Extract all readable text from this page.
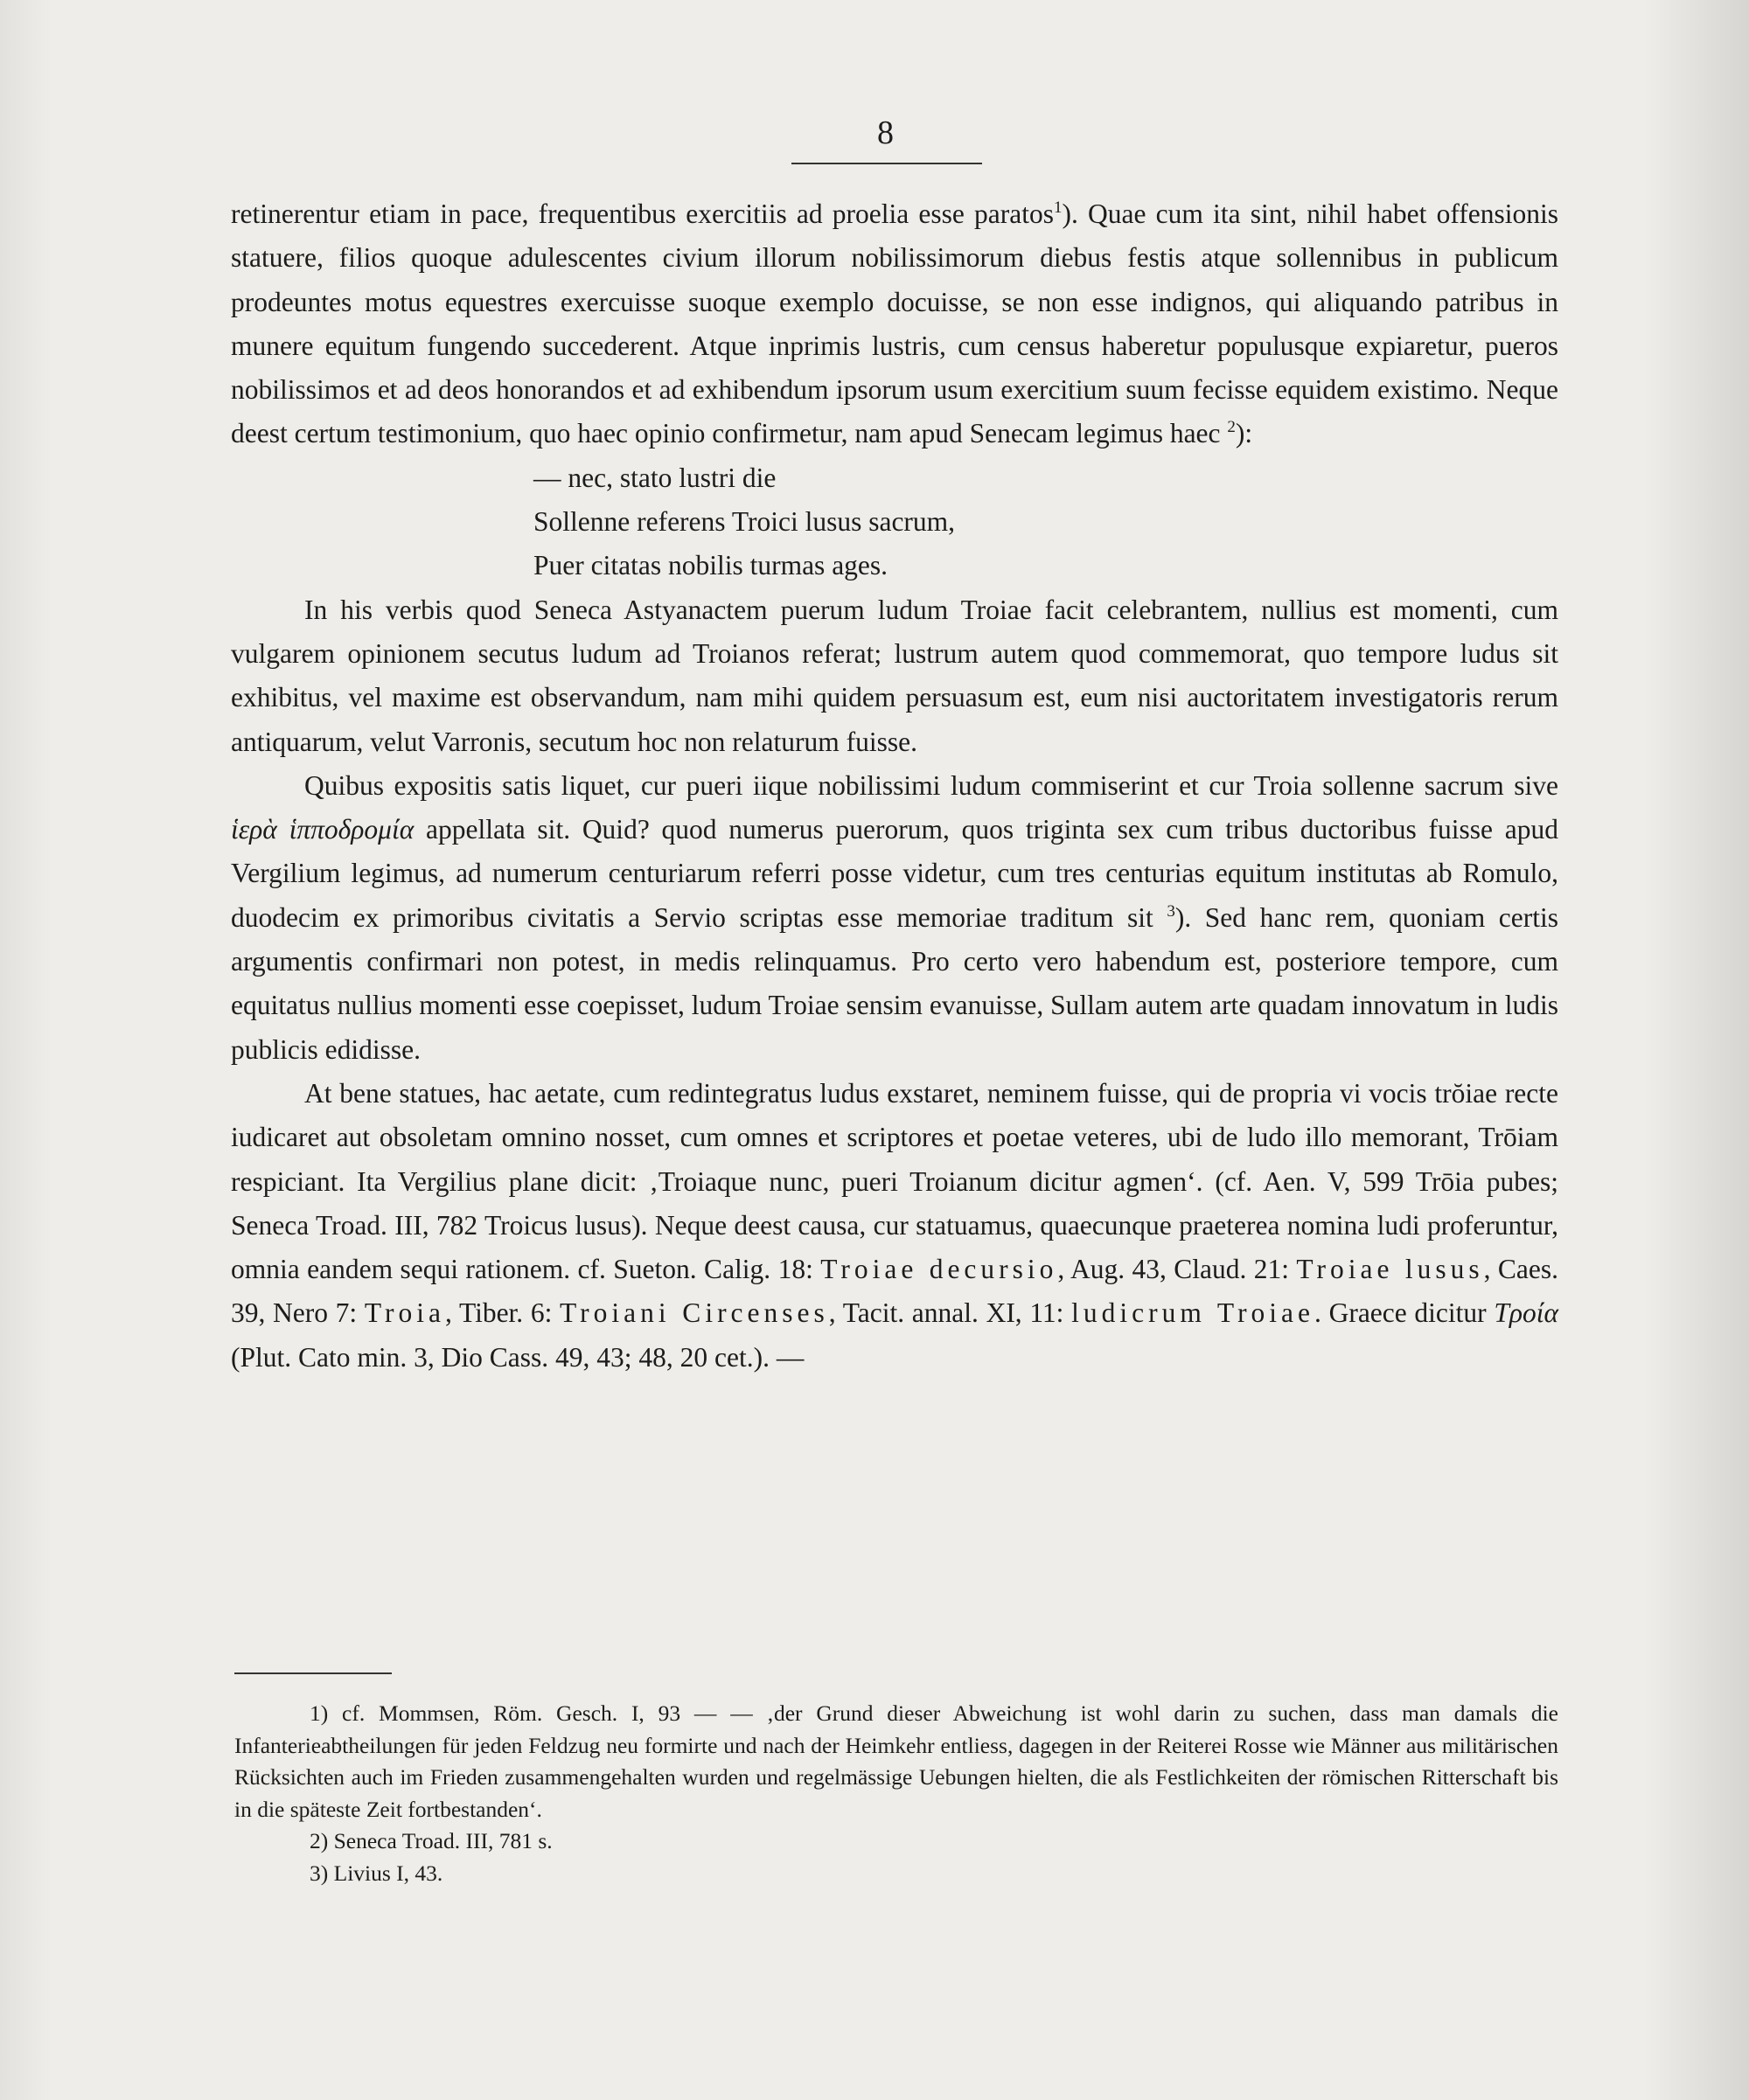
8

retinerentur etiam in pace, frequentibus exercitiis ad proelia esse paratos$^1$). Quae cum ita sint, nihil habet offensionis statuere, filios quoque adulescentes civium illorum nobilissimorum diebus festis atque sollennibus in publicum prodeuntes motus equestres exercuisse suoque exemplo docuisse, se non esse indignos, qui aliquando patribus in munere equitum fungendo succederent. Atque inprimis lustris, cum census haberetur populusque expiaretur, pueros nobilissimos et ad deos honorandos et ad exhibendum ipsorum usum exercitium suum fecisse equidem existimo. Neque deest certum testimonium, quo haec opinio confirmetur, nam apud Senecam legimus haec $^2$):

— nec, stato lustri die
Sollenne referens Troici lusus sacrum,
Puer citatas nobilis turmas ages.

In his verbis quod Seneca Astyanactem puerum ludum Troiae facit celebrantem, nullius est momenti, cum vulgarem opinionem secutus ludum ad Troianos referat; lustrum autem quod commemorat, quo tempore ludus sit exhibitus, vel maxime est observandum, nam mihi quidem persuasum est, eum nisi auctoritatem investigatoris rerum antiquarum, velut Varronis, secutum hoc non relaturum fuisse.

Quibus expositis satis liquet, cur pueri iique nobilissimi ludum commiserint et cur Troia sollenne sacrum sive ἱερὰ ἱπποδρομία appellata sit. Quid? quod numerus puerorum, quos triginta sex cum tribus ductoribus fuisse apud Vergilium legimus, ad numerum centuriarum referri posse videtur, cum tres centurias equitum institutas ab Romulo, duodecim ex primoribus civitatis a Servio scriptas esse memoriae traditum sit $^3$). Sed hanc rem, quoniam certis argumentis confirmari non potest, in medis relinquamus. Pro certo vero habendum est, posteriore tempore, cum equitatus nullius momenti esse coepisset, ludum Troiae sensim evanuisse, Sullam autem arte quadam innovatum in ludis publicis edidisse.

At bene statues, hac aetate, cum redintegratus ludus exstaret, neminem fuisse, qui de propria vi vocis trŏiae recte iudicaret aut obsoletam omnino nosset, cum omnes et scriptores et poetae veteres, ubi de ludo illo memorant, Trōiam respiciant. Ita Vergilius plane dicit: ‚Troiaque nunc, pueri Troianum dicitur agmen‘. (cf. Aen. V, 599 Trōia pubes; Seneca Troad. III, 782 Troicus lusus). Neque deest causa, cur statuamus, quaecunque praeterea nomina ludi proferuntur, omnia eandem sequi rationem. cf. Sueton. Calig. 18: Troiae decursio, Aug. 43, Claud. 21: Troiae lusus, Caes. 39, Nero 7: Troia, Tiber. 6: Troiani Circenses, Tacit. annal. XI, 11: ludicrum Troiae. Graece dicitur Τροία (Plut. Cato min. 3, Dio Cass. 49, 43; 48, 20 cet.). —

1) cf. Mommsen, Röm. Gesch. I, 93 — — ‚der Grund dieser Abweichung ist wohl darin zu suchen, dass man damals die Infanterieabtheilungen für jeden Feldzug neu formirte und nach der Heimkehr entliess, dagegen in der Reiterei Rosse wie Männer aus militärischen Rücksichten auch im Frieden zusammengehalten wurden und regelmässige Uebungen hielten, die als Festlichkeiten der römischen Ritterschaft bis in die späteste Zeit fortbestanden‘.

2) Seneca Troad. III, 781 s.

3) Livius I, 43.
